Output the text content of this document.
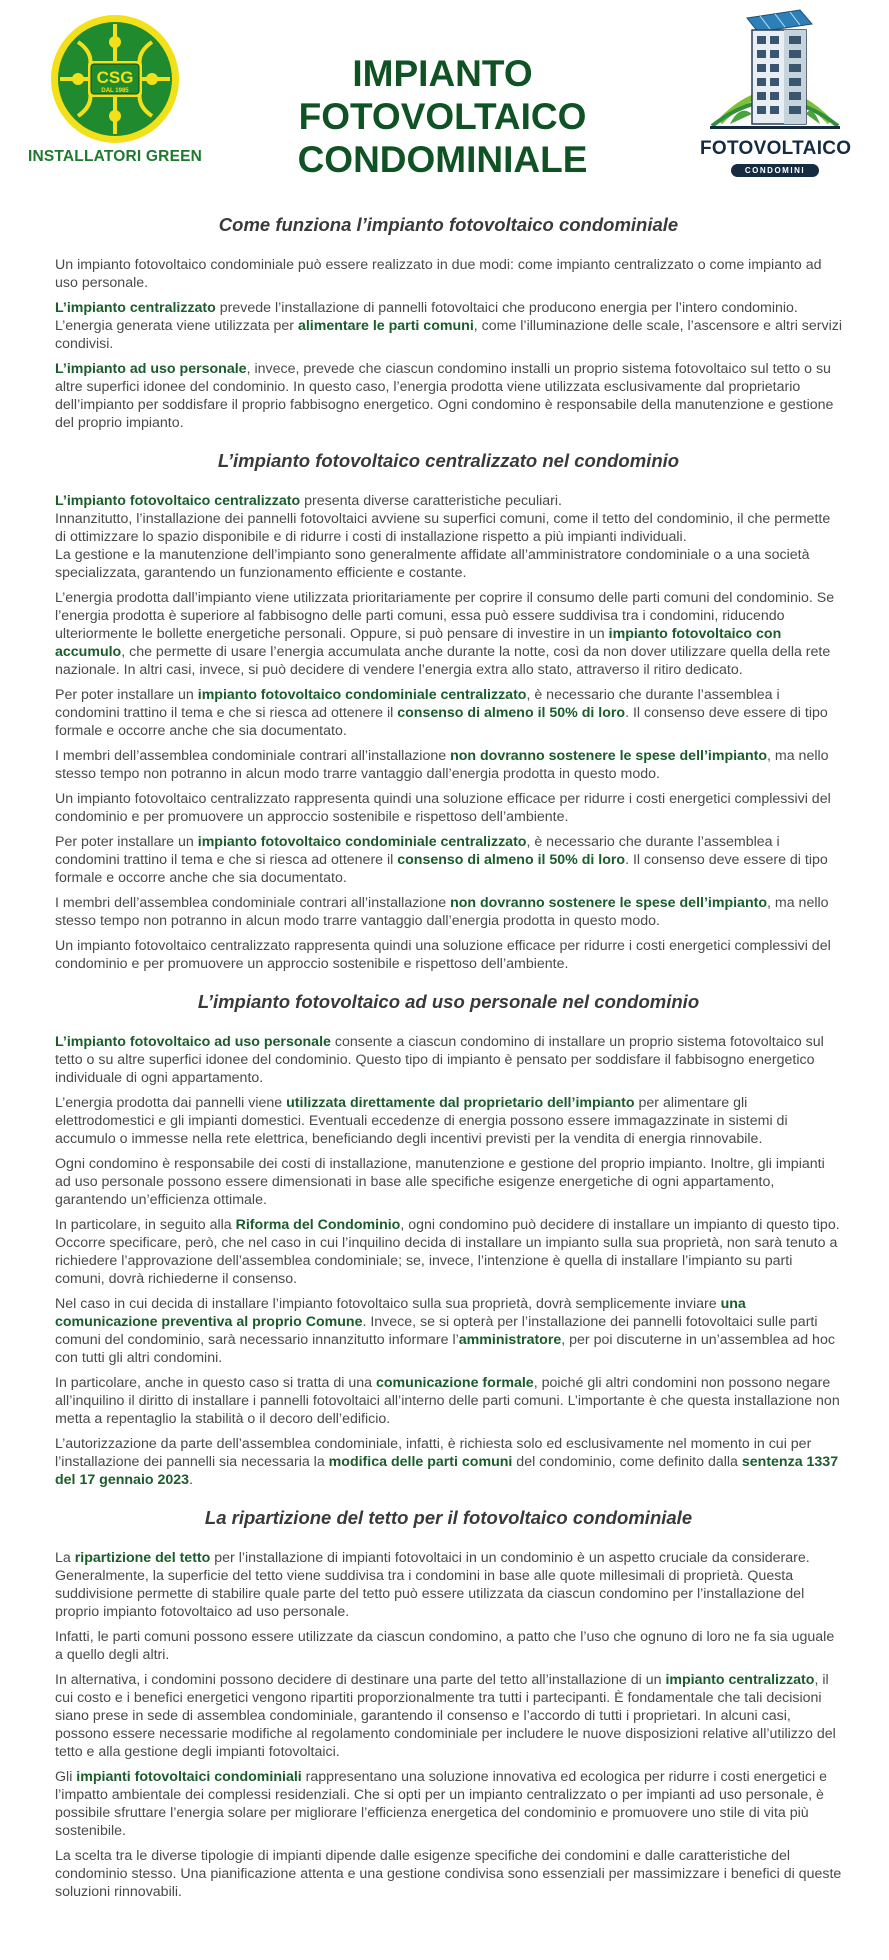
CSG
DAL 1985
INSTALLATORI GREEN
IMPIANTO FOTOVOLTAICO
CONDOMINIALE	FOTOVOLTAICO
CONDOMINI
Come funziona l’impianto fotovoltaico condominiale

Un impianto fotovoltaico condominiale può essere realizzato in due modi: come impianto centralizzato o come impianto ad uso personale.

L’impianto centralizzato prevede l’installazione di pannelli fotovoltaici che producono energia per l’intero condominio.
L’energia generata viene utilizzata per alimentare le parti comuni, come l’illuminazione delle scale, l’ascensore e altri servizi condivisi.

L’impianto ad uso personale, invece, prevede che ciascun condomino installi un proprio sistema fotovoltaico sul tetto o su altre superfici idonee del condominio. In questo caso, l’energia prodotta viene utilizzata esclusivamente dal proprietario dell’impianto per soddisfare il proprio fabbisogno energetico. Ogni condomino è responsabile della manutenzione e gestione del proprio impianto.

L’impianto fotovoltaico centralizzato nel condominio

L’impianto fotovoltaico centralizzato presenta diverse caratteristiche peculiari.
Innanzitutto, l’installazione dei pannelli fotovoltaici avviene su superfici comuni, come il tetto del condominio, il che permette di ottimizzare lo spazio disponibile e di ridurre i costi di installazione rispetto a più impianti individuali.
La gestione e la manutenzione dell’impianto sono generalmente affidate all’amministratore condominiale o a una società specializzata, garantendo un funzionamento efficiente e costante.

L’energia prodotta dall’impianto viene utilizzata prioritariamente per coprire il consumo delle parti comuni del condominio. Se l’energia prodotta è superiore al fabbisogno delle parti comuni, essa può essere suddivisa tra i condomini, riducendo ulteriormente le bollette energetiche personali. Oppure, si può pensare di investire in un impianto fotovoltaico con accumulo, che permette di usare l’energia accumulata anche durante la notte, così da non dover utilizzare quella della rete nazionale. In altri casi, invece, si può decidere di vendere l’energia extra allo stato, attraverso il ritiro dedicato.

Per poter installare un impianto fotovoltaico condominiale centralizzato, è necessario che durante l’assemblea i condomini trattino il tema e che si riesca ad ottenere il consenso di almeno il 50% di loro. Il consenso deve essere di tipo formale e occorre anche che sia documentato.

I membri dell’assemblea condominiale contrari all’installazione non dovranno sostenere le spese dell’impianto, ma nello stesso tempo non potranno in alcun modo trarre vantaggio dall’energia prodotta in questo modo.

Un impianto fotovoltaico centralizzato rappresenta quindi una soluzione efficace per ridurre i costi energetici complessivi del condominio e per promuovere un approccio sostenibile e rispettoso dell’ambiente.

Per poter installare un impianto fotovoltaico condominiale centralizzato, è necessario che durante l’assemblea i condomini trattino il tema e che si riesca ad ottenere il consenso di almeno il 50% di loro. Il consenso deve essere di tipo formale e occorre anche che sia documentato.

I membri dell’assemblea condominiale contrari all’installazione non dovranno sostenere le spese dell’impianto, ma nello stesso tempo non potranno in alcun modo trarre vantaggio dall’energia prodotta in questo modo.

Un impianto fotovoltaico centralizzato rappresenta quindi una soluzione efficace per ridurre i costi energetici complessivi del condominio e per promuovere un approccio sostenibile e rispettoso dell’ambiente.

L’impianto fotovoltaico ad uso personale nel condominio

L’impianto fotovoltaico ad uso personale consente a ciascun condomino di installare un proprio sistema fotovoltaico sul tetto o su altre superfici idonee del condominio. Questo tipo di impianto è pensato per soddisfare il fabbisogno energetico individuale di ogni appartamento.

L’energia prodotta dai pannelli viene utilizzata direttamente dal proprietario dell’impianto per alimentare gli elettrodomestici e gli impianti domestici. Eventuali eccedenze di energia possono essere immagazzinate in sistemi di accumulo o immesse nella rete elettrica, beneficiando degli incentivi previsti per la vendita di energia rinnovabile.

Ogni condomino è responsabile dei costi di installazione, manutenzione e gestione del proprio impianto. Inoltre, gli impianti ad uso personale possono essere dimensionati in base alle specifiche esigenze energetiche di ogni appartamento, garantendo un’efficienza ottimale.

In particolare, in seguito alla Riforma del Condominio, ogni condomino può decidere di installare un impianto di questo tipo. Occorre specificare, però, che nel caso in cui l’inquilino decida di installare un impianto sulla sua proprietà, non sarà tenuto a richiedere l’approvazione dell’assemblea condominiale; se, invece, l’intenzione è quella di installare l’impianto su parti comuni, dovrà richiederne il consenso.

Nel caso in cui decida di installare l’impianto fotovoltaico sulla sua proprietà, dovrà semplicemente inviare una comunicazione preventiva al proprio Comune. Invece, se si opterà per l’installazione dei pannelli fotovoltaici sulle parti comuni del condominio, sarà necessario innanzitutto informare l’amministratore, per poi discuterne in un’assemblea ad hoc con tutti gli altri condomini.

In particolare, anche in questo caso si tratta di una comunicazione formale, poiché gli altri condomini non possono negare all’inquilino il diritto di installare i pannelli fotovoltaici all’interno delle parti comuni. L’importante è che questa installazione non metta a repentaglio la stabilità o il decoro dell’edificio.

L’autorizzazione da parte dell’assemblea condominiale, infatti, è richiesta solo ed esclusivamente nel momento in cui per l’installazione dei pannelli sia necessaria la modifica delle parti comuni del condominio, come definito dalla sentenza 1337 del 17 gennaio 2023.

La ripartizione del tetto per il fotovoltaico condominiale

La ripartizione del tetto per l’installazione di impianti fotovoltaici in un condominio è un aspetto cruciale da considerare. Generalmente, la superficie del tetto viene suddivisa tra i condomini in base alle quote millesimali di proprietà. Questa suddivisione permette di stabilire quale parte del tetto può essere utilizzata da ciascun condomino per l’installazione del proprio impianto fotovoltaico ad uso personale.

Infatti, le parti comuni possono essere utilizzate da ciascun condomino, a patto che l’uso che ognuno di loro ne fa sia uguale a quello degli altri.

In alternativa, i condomini possono decidere di destinare una parte del tetto all’installazione di un impianto centralizzato, il cui costo e i benefici energetici vengono ripartiti proporzionalmente tra tutti i partecipanti. È fondamentale che tali decisioni siano prese in sede di assemblea condominiale, garantendo il consenso e l’accordo di tutti i proprietari. In alcuni casi, possono essere necessarie modifiche al regolamento condominiale per includere le nuove disposizioni relative all’utilizzo del tetto e alla gestione degli impianti fotovoltaici.

Gli impianti fotovoltaici condominiali rappresentano una soluzione innovativa ed ecologica per ridurre i costi energetici e l’impatto ambientale dei complessi residenziali. Che si opti per un impianto centralizzato o per impianti ad uso personale, è possibile sfruttare l’energia solare per migliorare l’efficienza energetica del condominio e promuovere uno stile di vita più sostenibile.

La scelta tra le diverse tipologie di impianti dipende dalle esigenze specifiche dei condomini e dalle caratteristiche del condominio stesso. Una pianificazione attenta e una gestione condivisa sono essenziali per massimizzare i benefici di queste soluzioni rinnovabili.
